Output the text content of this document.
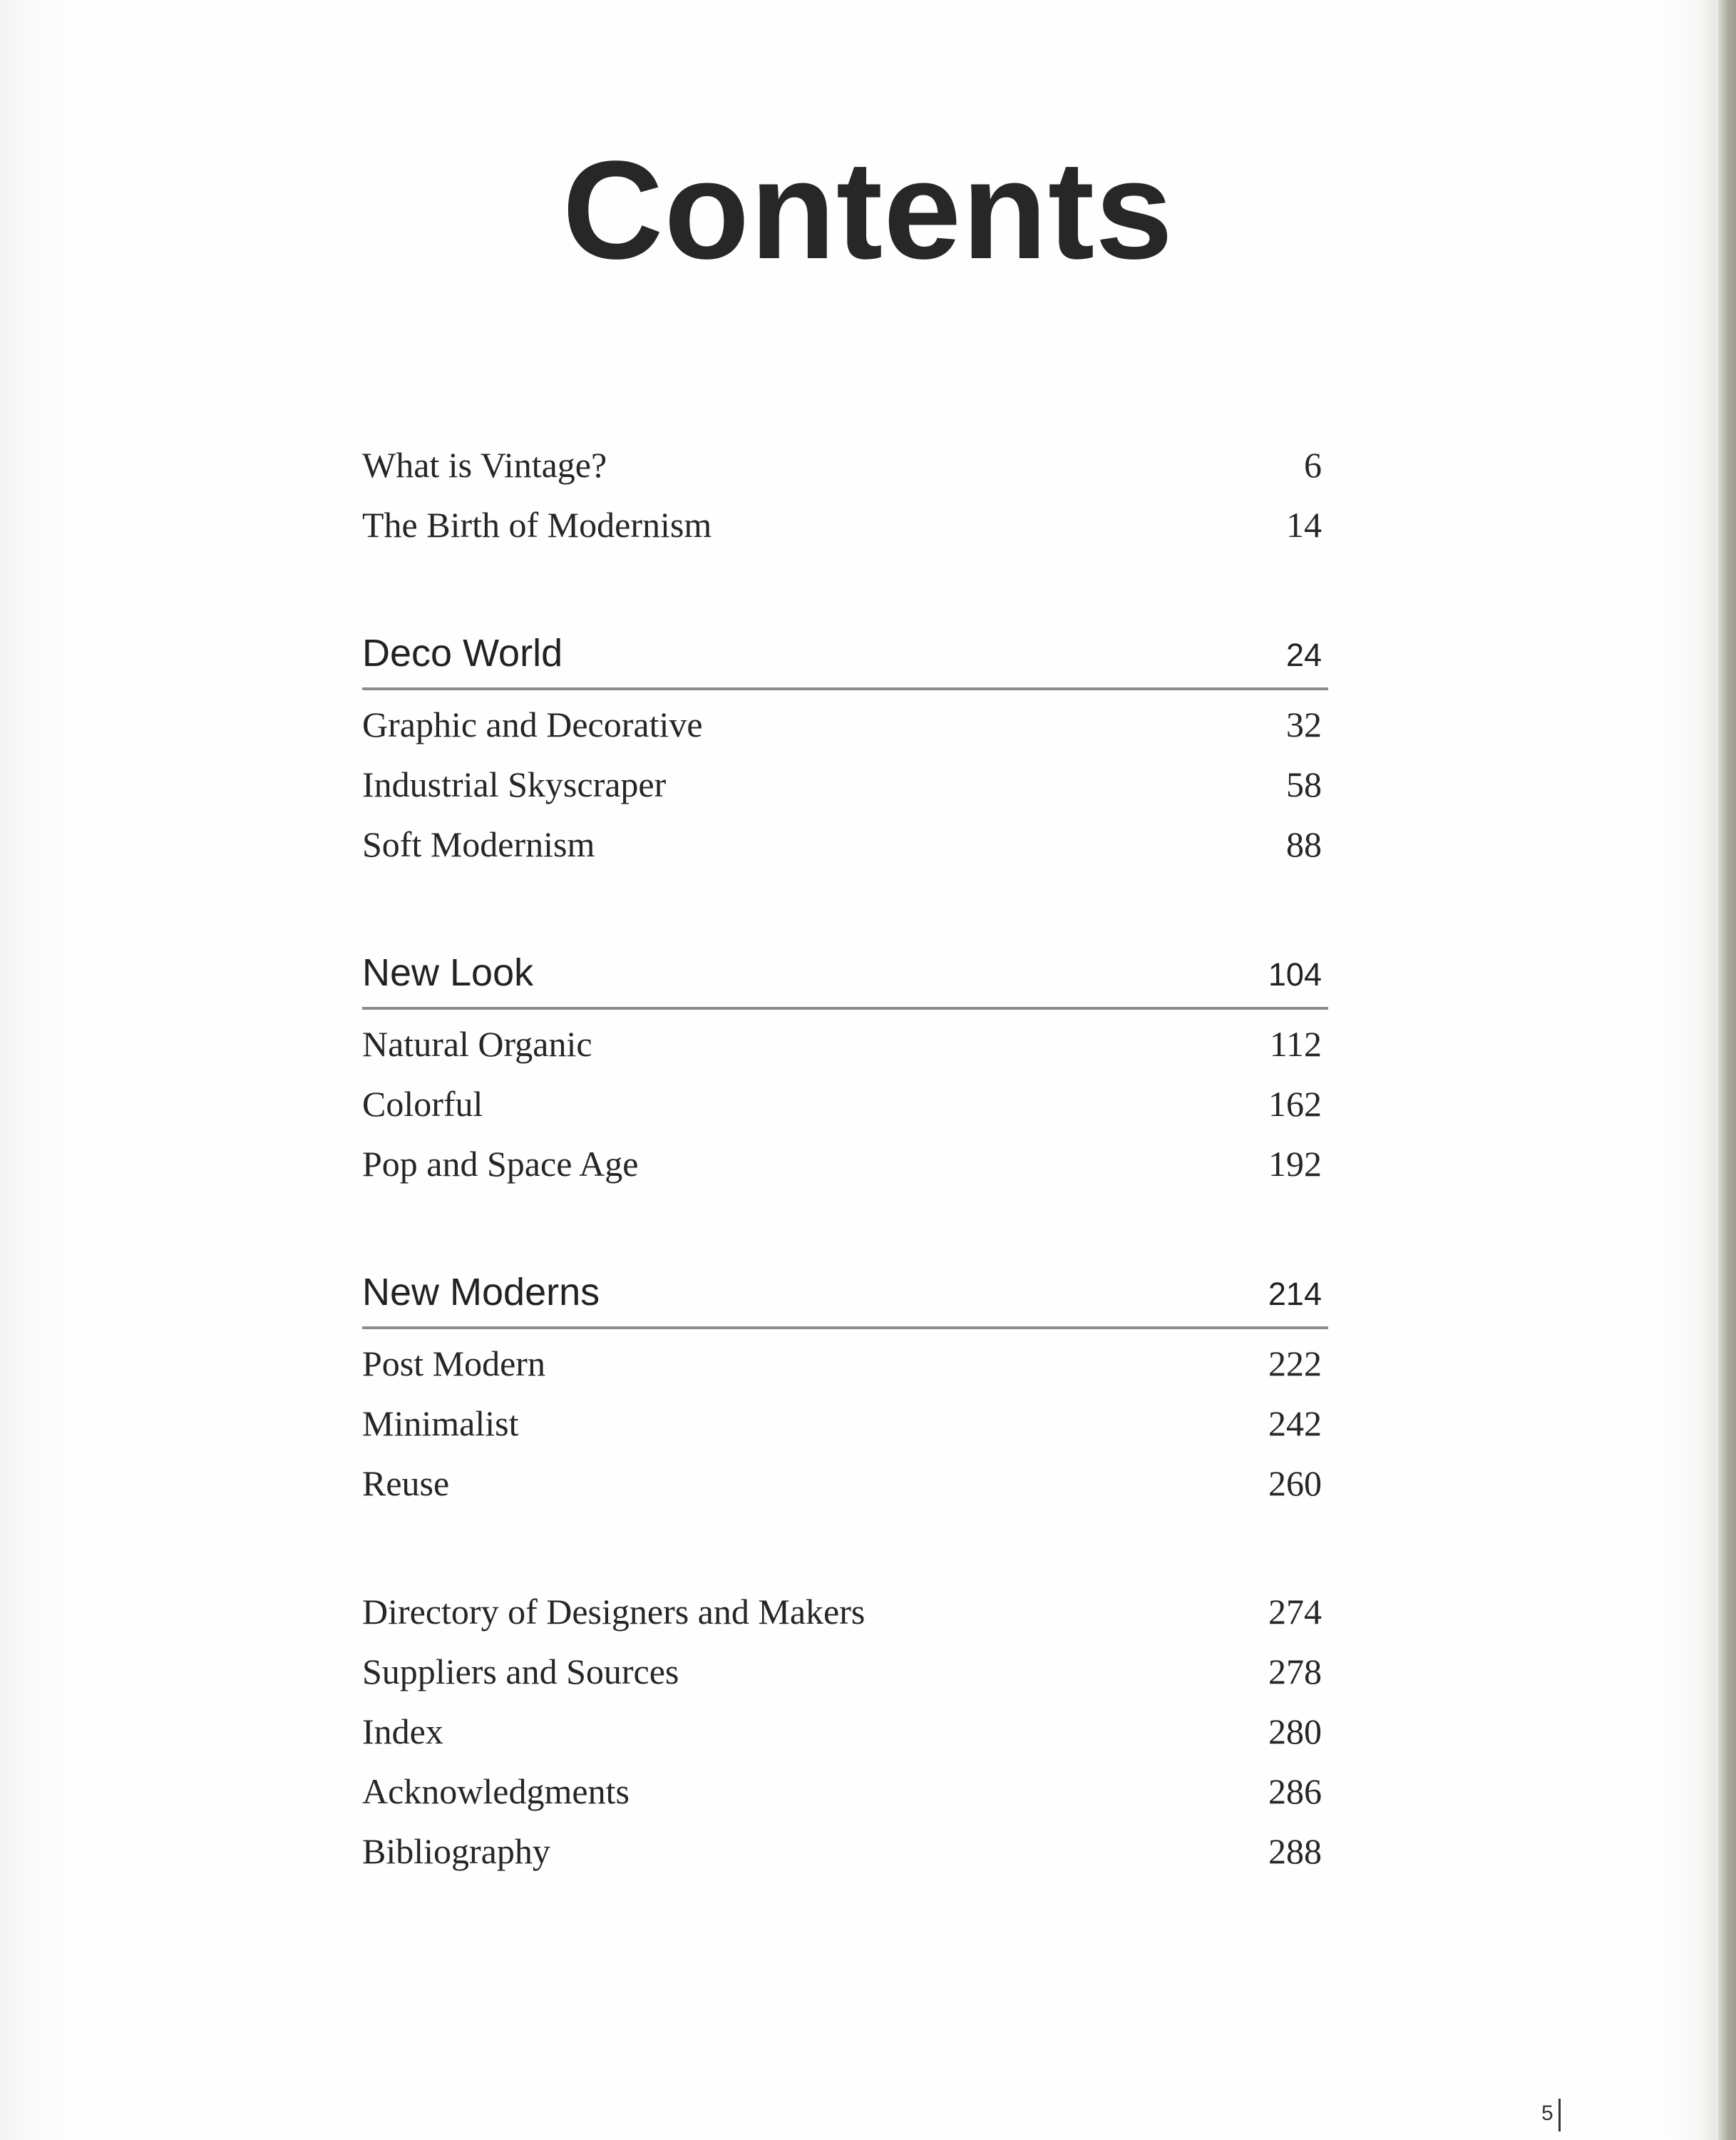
Contents
What is Vintage?	6
The Birth of Modernism	14
Deco World	24
Graphic and Decorative	32
Industrial Skyscraper	58
Soft Modernism	88
New Look	104
Natural Organic	112
Colorful	162
Pop and Space Age	192
New Moderns	214
Post Modern	222
Minimalist	242
Reuse	260
Directory of Designers and Makers	274
Suppliers and Sources	278
Index	280
Acknowledgments	286
Bibliography	288
5
